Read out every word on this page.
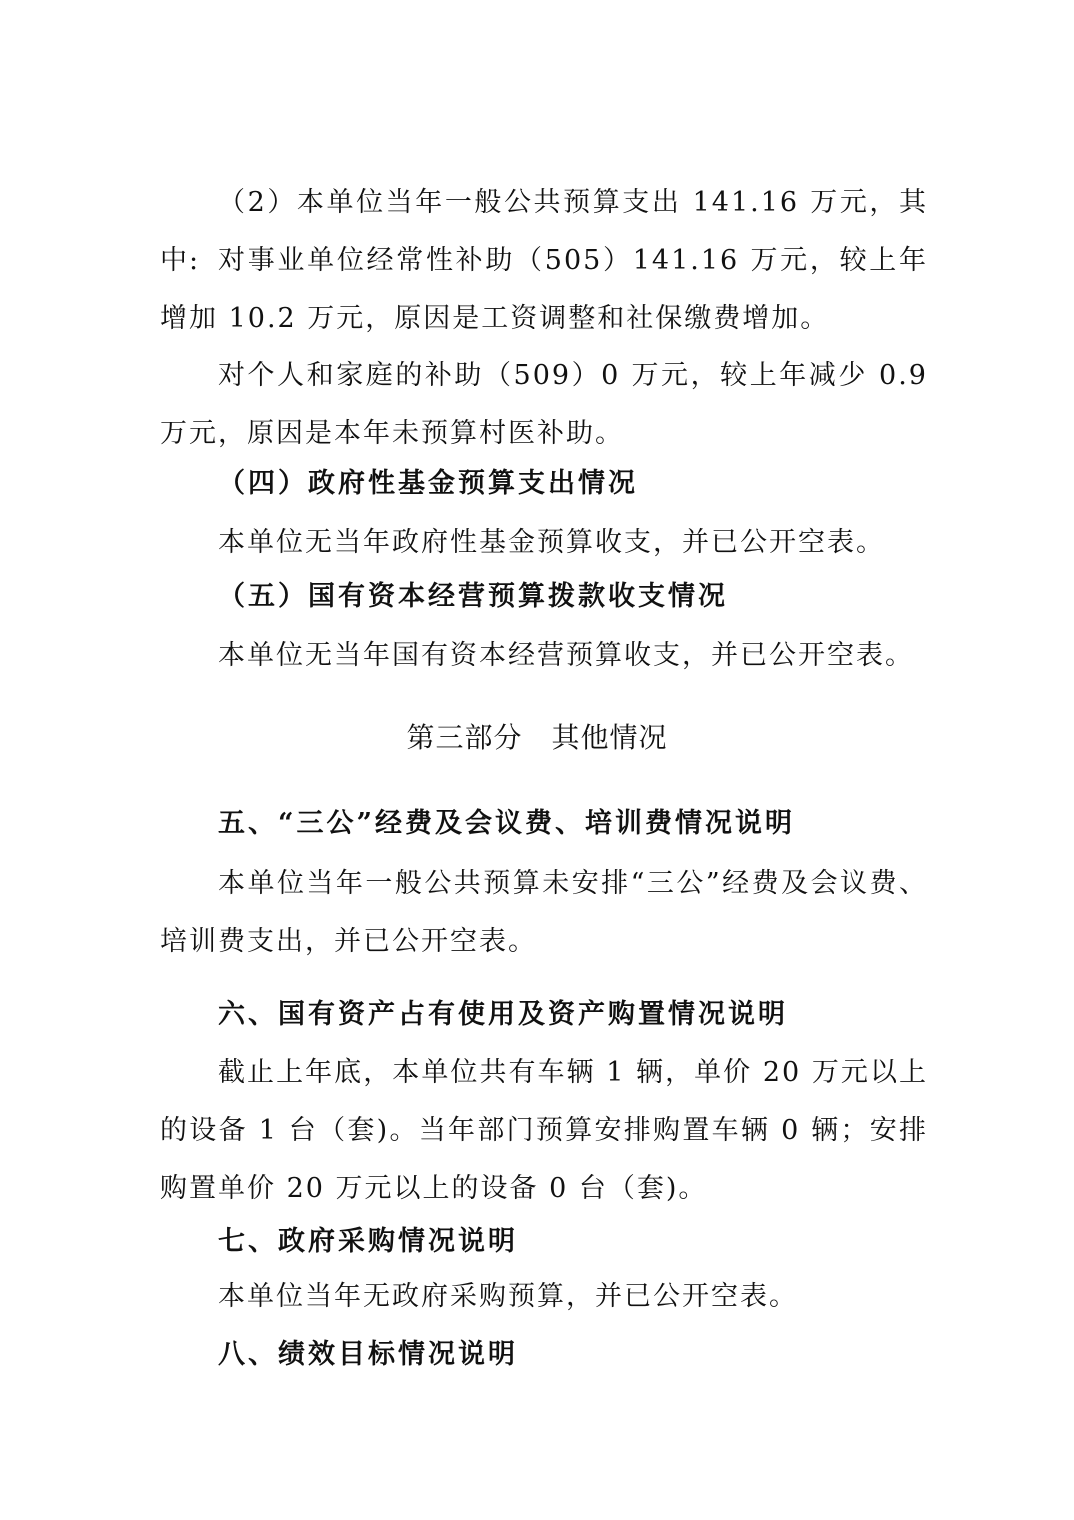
（2）本单位当年一般公共预算支出 141.16 万元，其中: 对事业单位经常性补助（505）141.16 万元，较上年增加 10.2 万元，原因是工资调整和社保缴费增加。

对个人和家庭的补助（509）0 万元，较上年减少 0.9 万元，原因是本年未预算村医补助。

（四）政府性基金预算支出情况

本单位无当年政府性基金预算收支，并已公开空表。

（五）国有资本经营预算拨款收支情况

本单位无当年国有资本经营预算收支，并已公开空表。

第三部分　其他情况
五、“三公”经费及会议费、培训费情况说明

本单位当年一般公共预算未安排“三公”经费及会议费、培训费支出，并已公开空表。

六、国有资产占有使用及资产购置情况说明

截止上年底，本单位共有车辆 1 辆，单价 20 万元以上的设备 1 台（套)。当年部门预算安排购置车辆 0 辆；安排购置单价 20 万元以上的设备 0 台（套)。

七、政府采购情况说明

本单位当年无政府采购预算，并已公开空表。

八、绩效目标情况说明
